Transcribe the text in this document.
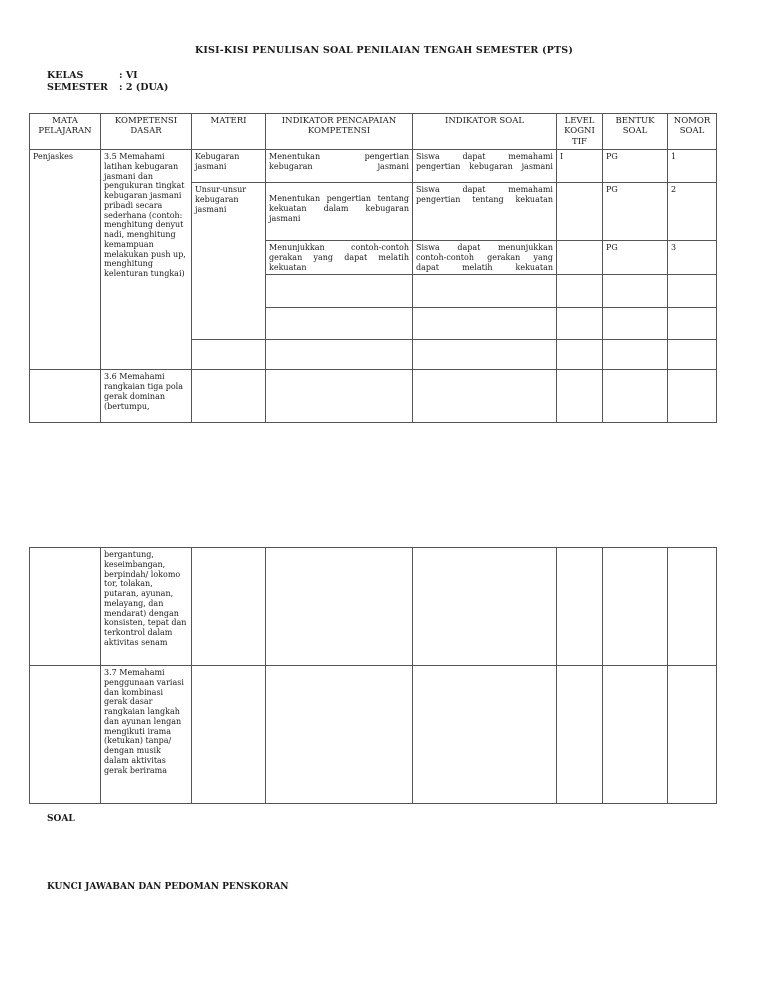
KISI-KISI PENULISAN SOAL PENILAIAN TENGAH SEMESTER (PTS)
KELAS	: VI
SEMESTER : 2 (DUA)
MATA PELAJARAN	KOMPETENSI DASAR	MATERI	INDIKATOR PENCAPAIAN KOMPETENSI	INDIKATOR SOAL	LEVEL KOGNI TIF	BENTUK SOAL	NOMOR SOAL
Penjaskes	3.5 Memahami latihan kebugaran jasmani dan pengukuran tingkat kebugaran jasmani pribadi secara sederhana (contoh: menghitung denyut nadi, menghitung kemampuan melakukan push up, menghitung kelenturan tungkai)	Kebugaran jasmani	Menentukan pengertian kebugaran jasmani	Siswa dapat memahami pengertian kebugaran jasmani	I	PG	1
		Unsur-unsur kebugaran jasmani	Menentukan pengertian tentang kekuatan dalam kebugaran jasmani	Siswa dapat memahami pengertian tentang kekuatan		PG	2
			Menunjukkan contoh-contoh gerakan yang dapat melatih kekuatan	Siswa dapat menunjukkan contoh-contoh gerakan yang dapat melatih kekuatan		PG	3

	3.6 Memahami rangkaian tiga pola gerak dominan (bertumpu,						
	bergantung, keseimbangan, berpindah/ lokomo tor, tolakan, putaran, ayunan, melayang, dan mendarat) dengan konsisten, tepat dan terkontrol dalam aktivitas senam						
	3.7 Memahami penggunaan variasi dan kombinasi gerak dasar rangkaian langkah dan ayunan lengan mengikuti irama (ketukan) tanpa/ dengan musik dalam aktivitas gerak berirama						
SOAL
KUNCI JAWABAN DAN PEDOMAN PENSKORAN
